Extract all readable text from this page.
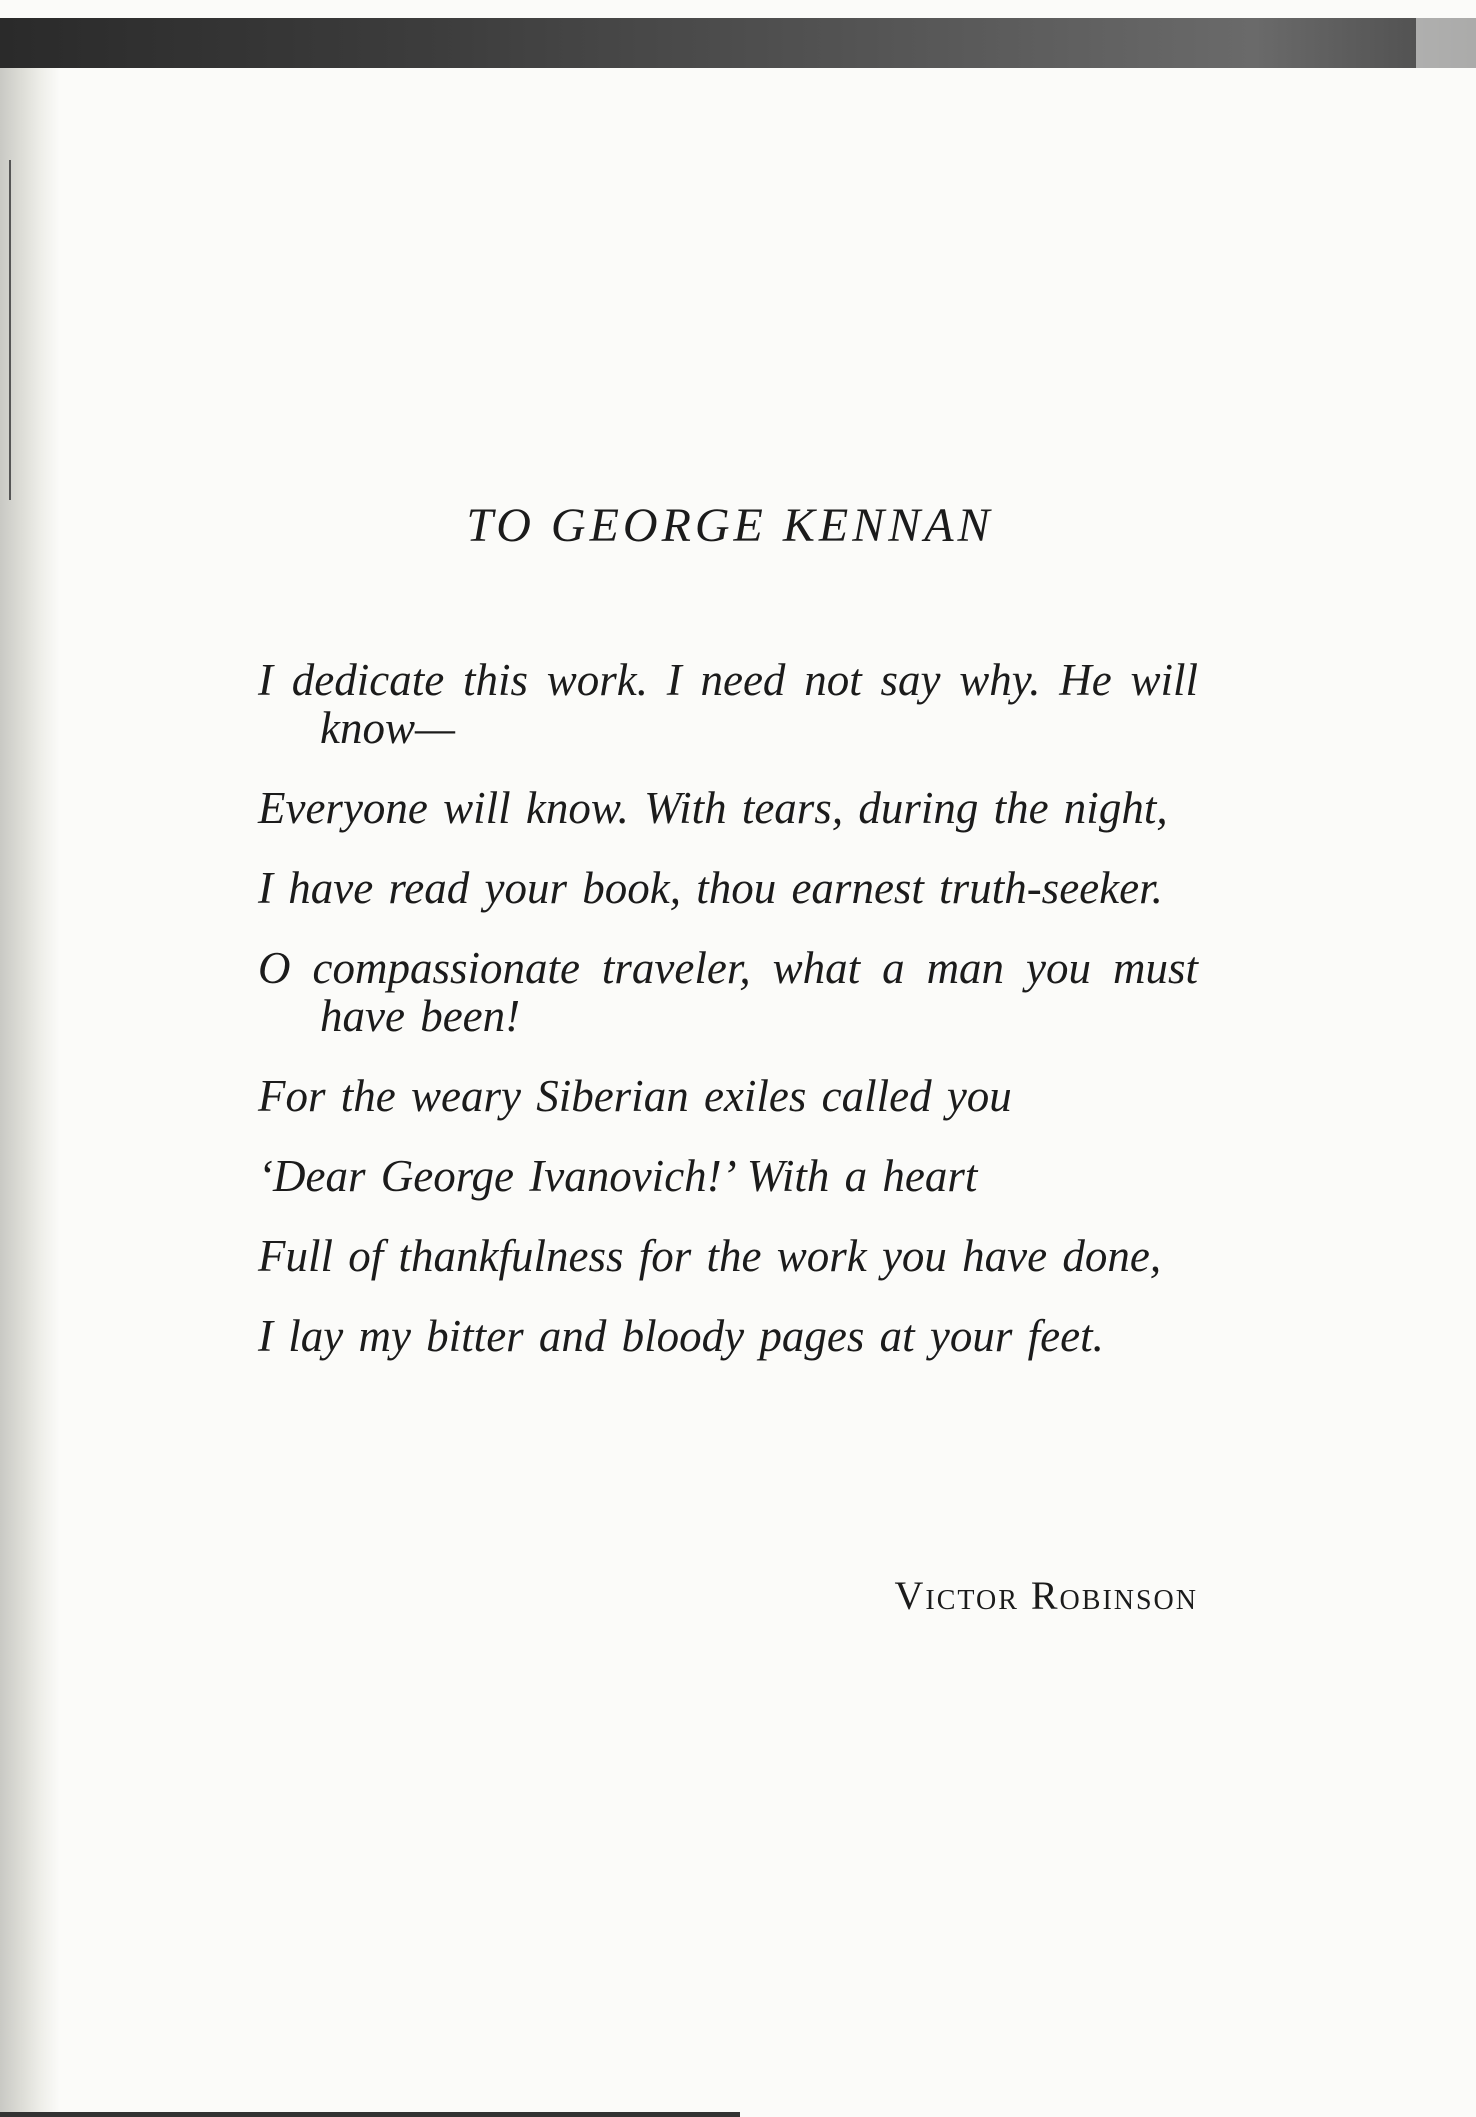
TO GEORGE KENNAN

I dedicate this work. I need not say why. He will know—

Everyone will know. With tears, during the night,

I have read your book, thou earnest truth-seeker.

O compassionate traveler, what a man you must have been!

For the weary Siberian exiles called you

‘Dear George Ivanovich!’ With a heart

Full of thankfulness for the work you have done,

I lay my bitter and bloody pages at your feet.

Victor Robinson
